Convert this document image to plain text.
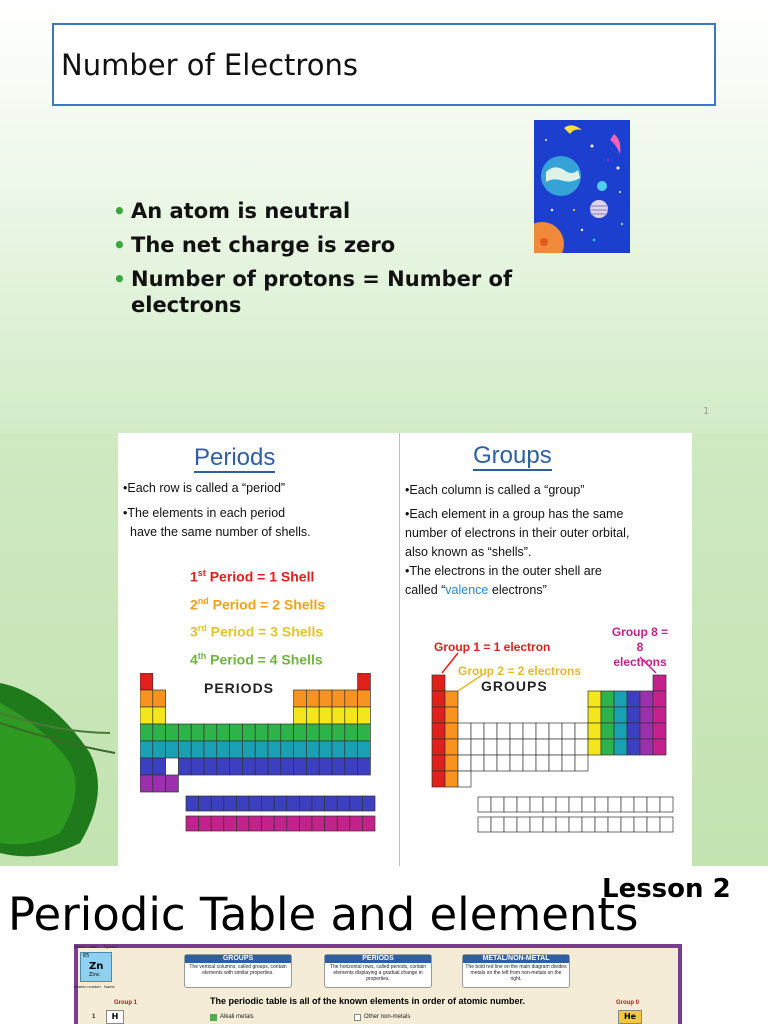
Number of Electrons
• An atom is neutral
• The net charge is zero
• Number of protons = Number of electrons
1
Periods
•Each row is called a “period”
•The elements in each period
have the same number of shells.
1st Period = 1 Shell
2nd Period = 2 Shells
3rd Period = 3 Shells
4th Period = 4 Shells
PERIODS
Groups
•Each column is called a “group”
•Each element in a group has the same
number of electrons in their outer orbital,
also known as “shells”.
•The electrons in the outer shell are
called “valence electrons”
Group 1 = 1 electron
Group 2 = 2 electrons
Group 8 =
8 electrons
GROUPS
Lesson 2
Periodic Table and elements
65
Zn
Zinc
Atomic mass Symbol
Atomic number Name
GROUPS
The vertical columns, called groups, contain elements with similar properties.
PERIODS
The horizontal rows, called periods, contain elements displaying a gradual change in properties.
METAL/NON-METAL
The bold red line on the main diagram divides metals on the left from non-metals on the right.
The periodic table is all of the known elements in order of atomic number.
Group 1
1	H	Alkali metals	Other non-metals
Group 0
He
